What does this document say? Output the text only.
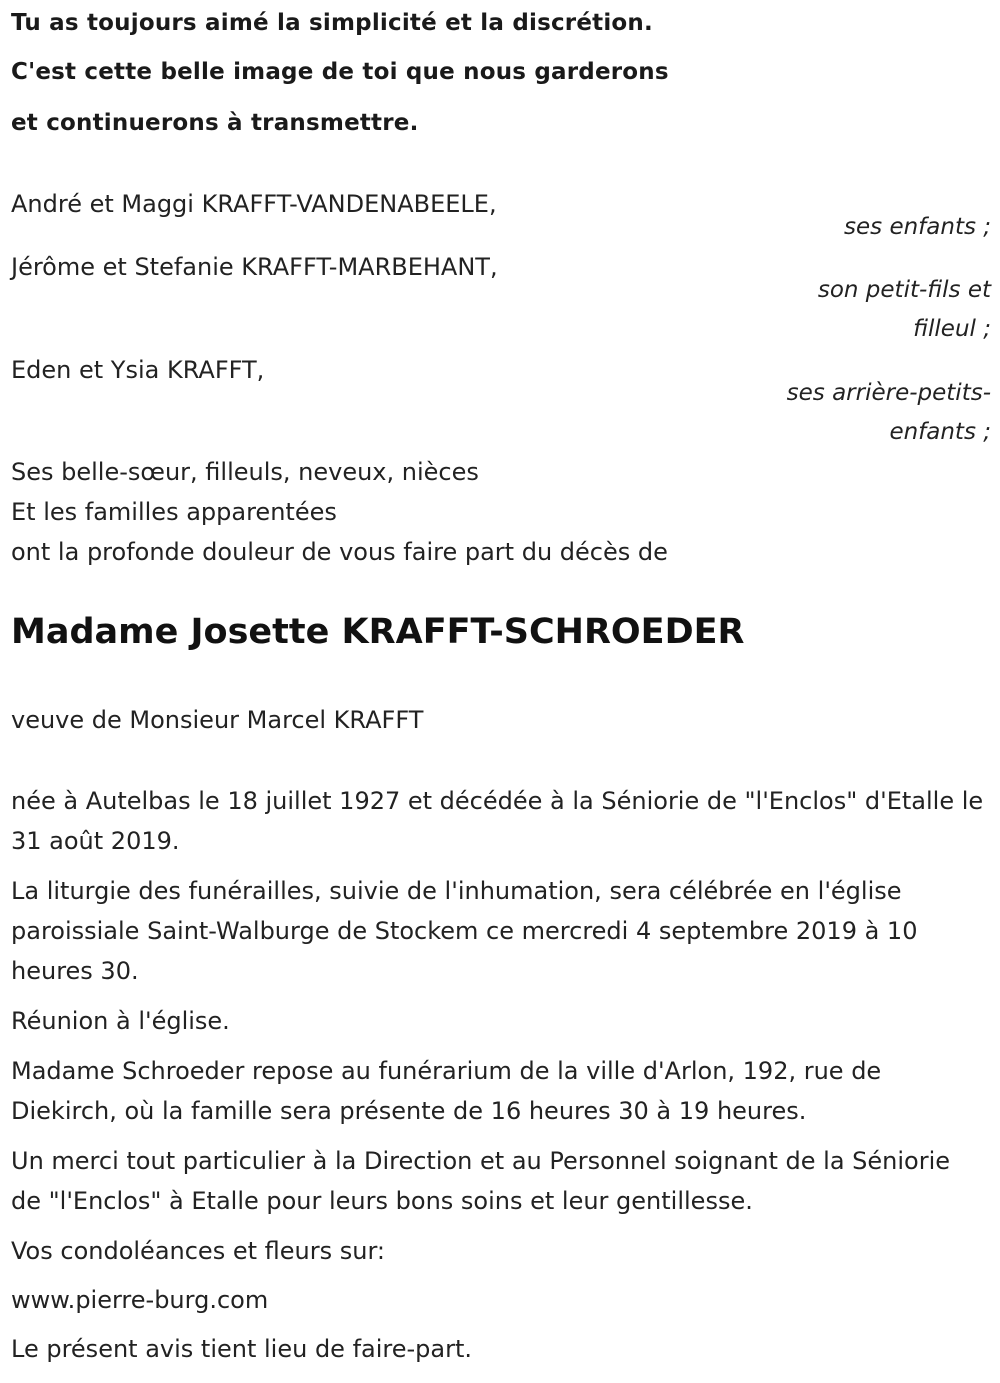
Tu as toujours aimé la simplicité et la discrétion.
C'est cette belle image de toi que nous garderons
et continuerons à transmettre.
André et Maggi KRAFFT-VANDENABEELE,
ses enfants ;
Jérôme et Stefanie KRAFFT-MARBEHANT,
son petit-fils et
filleul ;
Eden et Ysia KRAFFT,
ses arrière-petits-
enfants ;
Ses belle-sœur, filleuls, neveux, nièces
Et les familles apparentées
ont la profonde douleur de vous faire part du décès de
Madame Josette KRAFFT-SCHROEDER
veuve de Monsieur Marcel KRAFFT
née à Autelbas le 18 juillet 1927 et décédée à la Séniorie de "l'Enclos" d'Etalle le 31 août 2019.
La liturgie des funérailles, suivie de l'inhumation, sera célébrée en l'église paroissiale Saint-Walburge de Stockem ce mercredi 4 septembre 2019 à 10 heures 30.
Réunion à l'église.
Madame Schroeder repose au funérarium de la ville d'Arlon, 192, rue de Diekirch, où la famille sera présente de 16 heures 30 à 19 heures.
Un merci tout particulier à la Direction et au Personnel soignant de la Séniorie de "l'Enclos" à Etalle pour leurs bons soins et leur gentillesse.
Vos condoléances et fleurs sur:
www.pierre-burg.com
Le présent avis tient lieu de faire-part.
